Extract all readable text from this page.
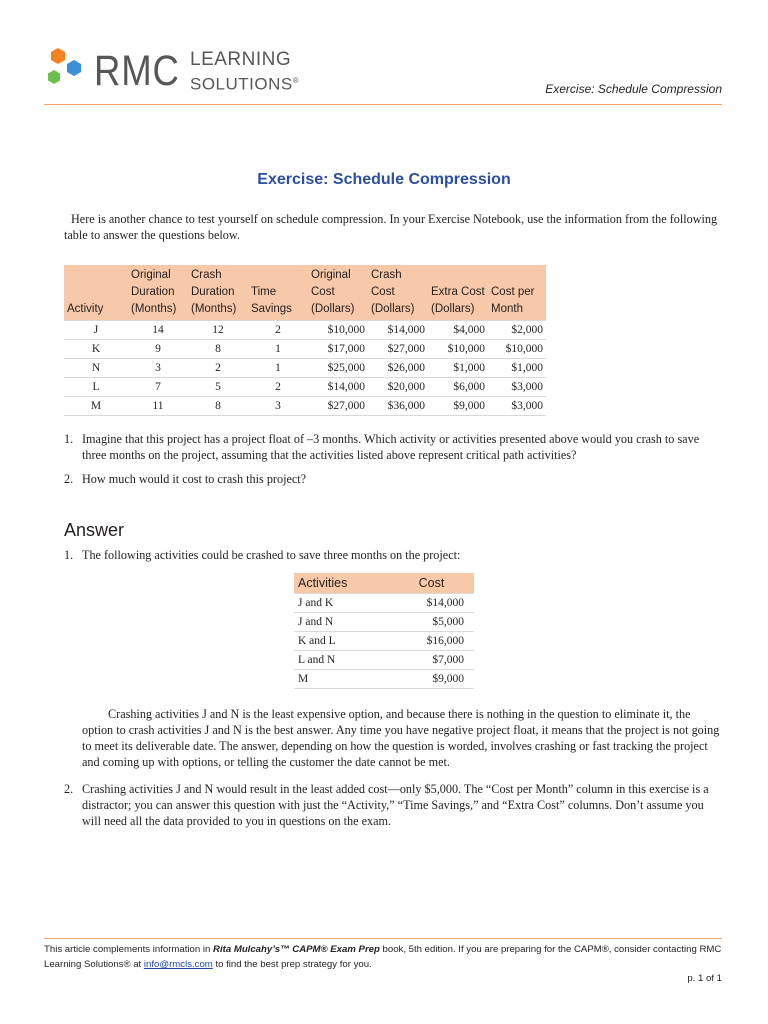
RMC LEARNING
SOLUTIONS®
Exercise: Schedule Compression
Exercise: Schedule Compression

Here is another chance to test yourself on schedule compression. In your Exercise Notebook, use the information from the following table to answer the questions below.

Activity	Original Duration (Months)	Crash Duration (Months)	Time Savings	Original Cost (Dollars)	Crash Cost (Dollars)	Extra Cost (Dollars)	Cost per Month
J	14	12	2	$10,000	$14,000	$4,000	$2,000
K	9	8	1	$17,000	$27,000	$10,000	$10,000
N	3	2	1	$25,000	$26,000	$1,000	$1,000
L	7	5	2	$14,000	$20,000	$6,000	$3,000
M	11	8	3	$27,000	$36,000	$9,000	$3,000
1. Imagine that this project has a project float of –3 months. Which activity or activities presented above would you crash to save three months on the project, assuming that the activities listed above represent critical path activities?
2. How much would it cost to crash this project?
Answer
1. The following activities could be crashed to save three months on the project:
Activities	Cost
J and K	$14,000
J and N	$5,000
K and L	$16,000
L and N	$7,000
M	$9,000

Crashing activities J and N is the least expensive option, and because there is nothing in the question to eliminate it, the option to crash activities J and N is the best answer. Any time you have negative project float, it means that the project is not going to meet its deliverable date. The answer, depending on how the question is worded, involves crashing or fast tracking the project and coming up with options, or telling the customer the date cannot be met.

2. Crashing activities J and N would result in the least added cost—only $5,000. The “Cost per Month” column in this exercise is a distractor; you can answer this question with just the “Activity,” “Time Savings,” and “Extra Cost” columns. Don’t assume you will need all the data provided to you in questions on the exam.

This article complements information in Rita Mulcahy’s™ CAPM® Exam Prep book, 5th edition. If you are preparing for the CAPM®, consider contacting RMC Learning Solutions® at info@rmcls.com to find the best prep strategy for you.

p. 1 of 1
